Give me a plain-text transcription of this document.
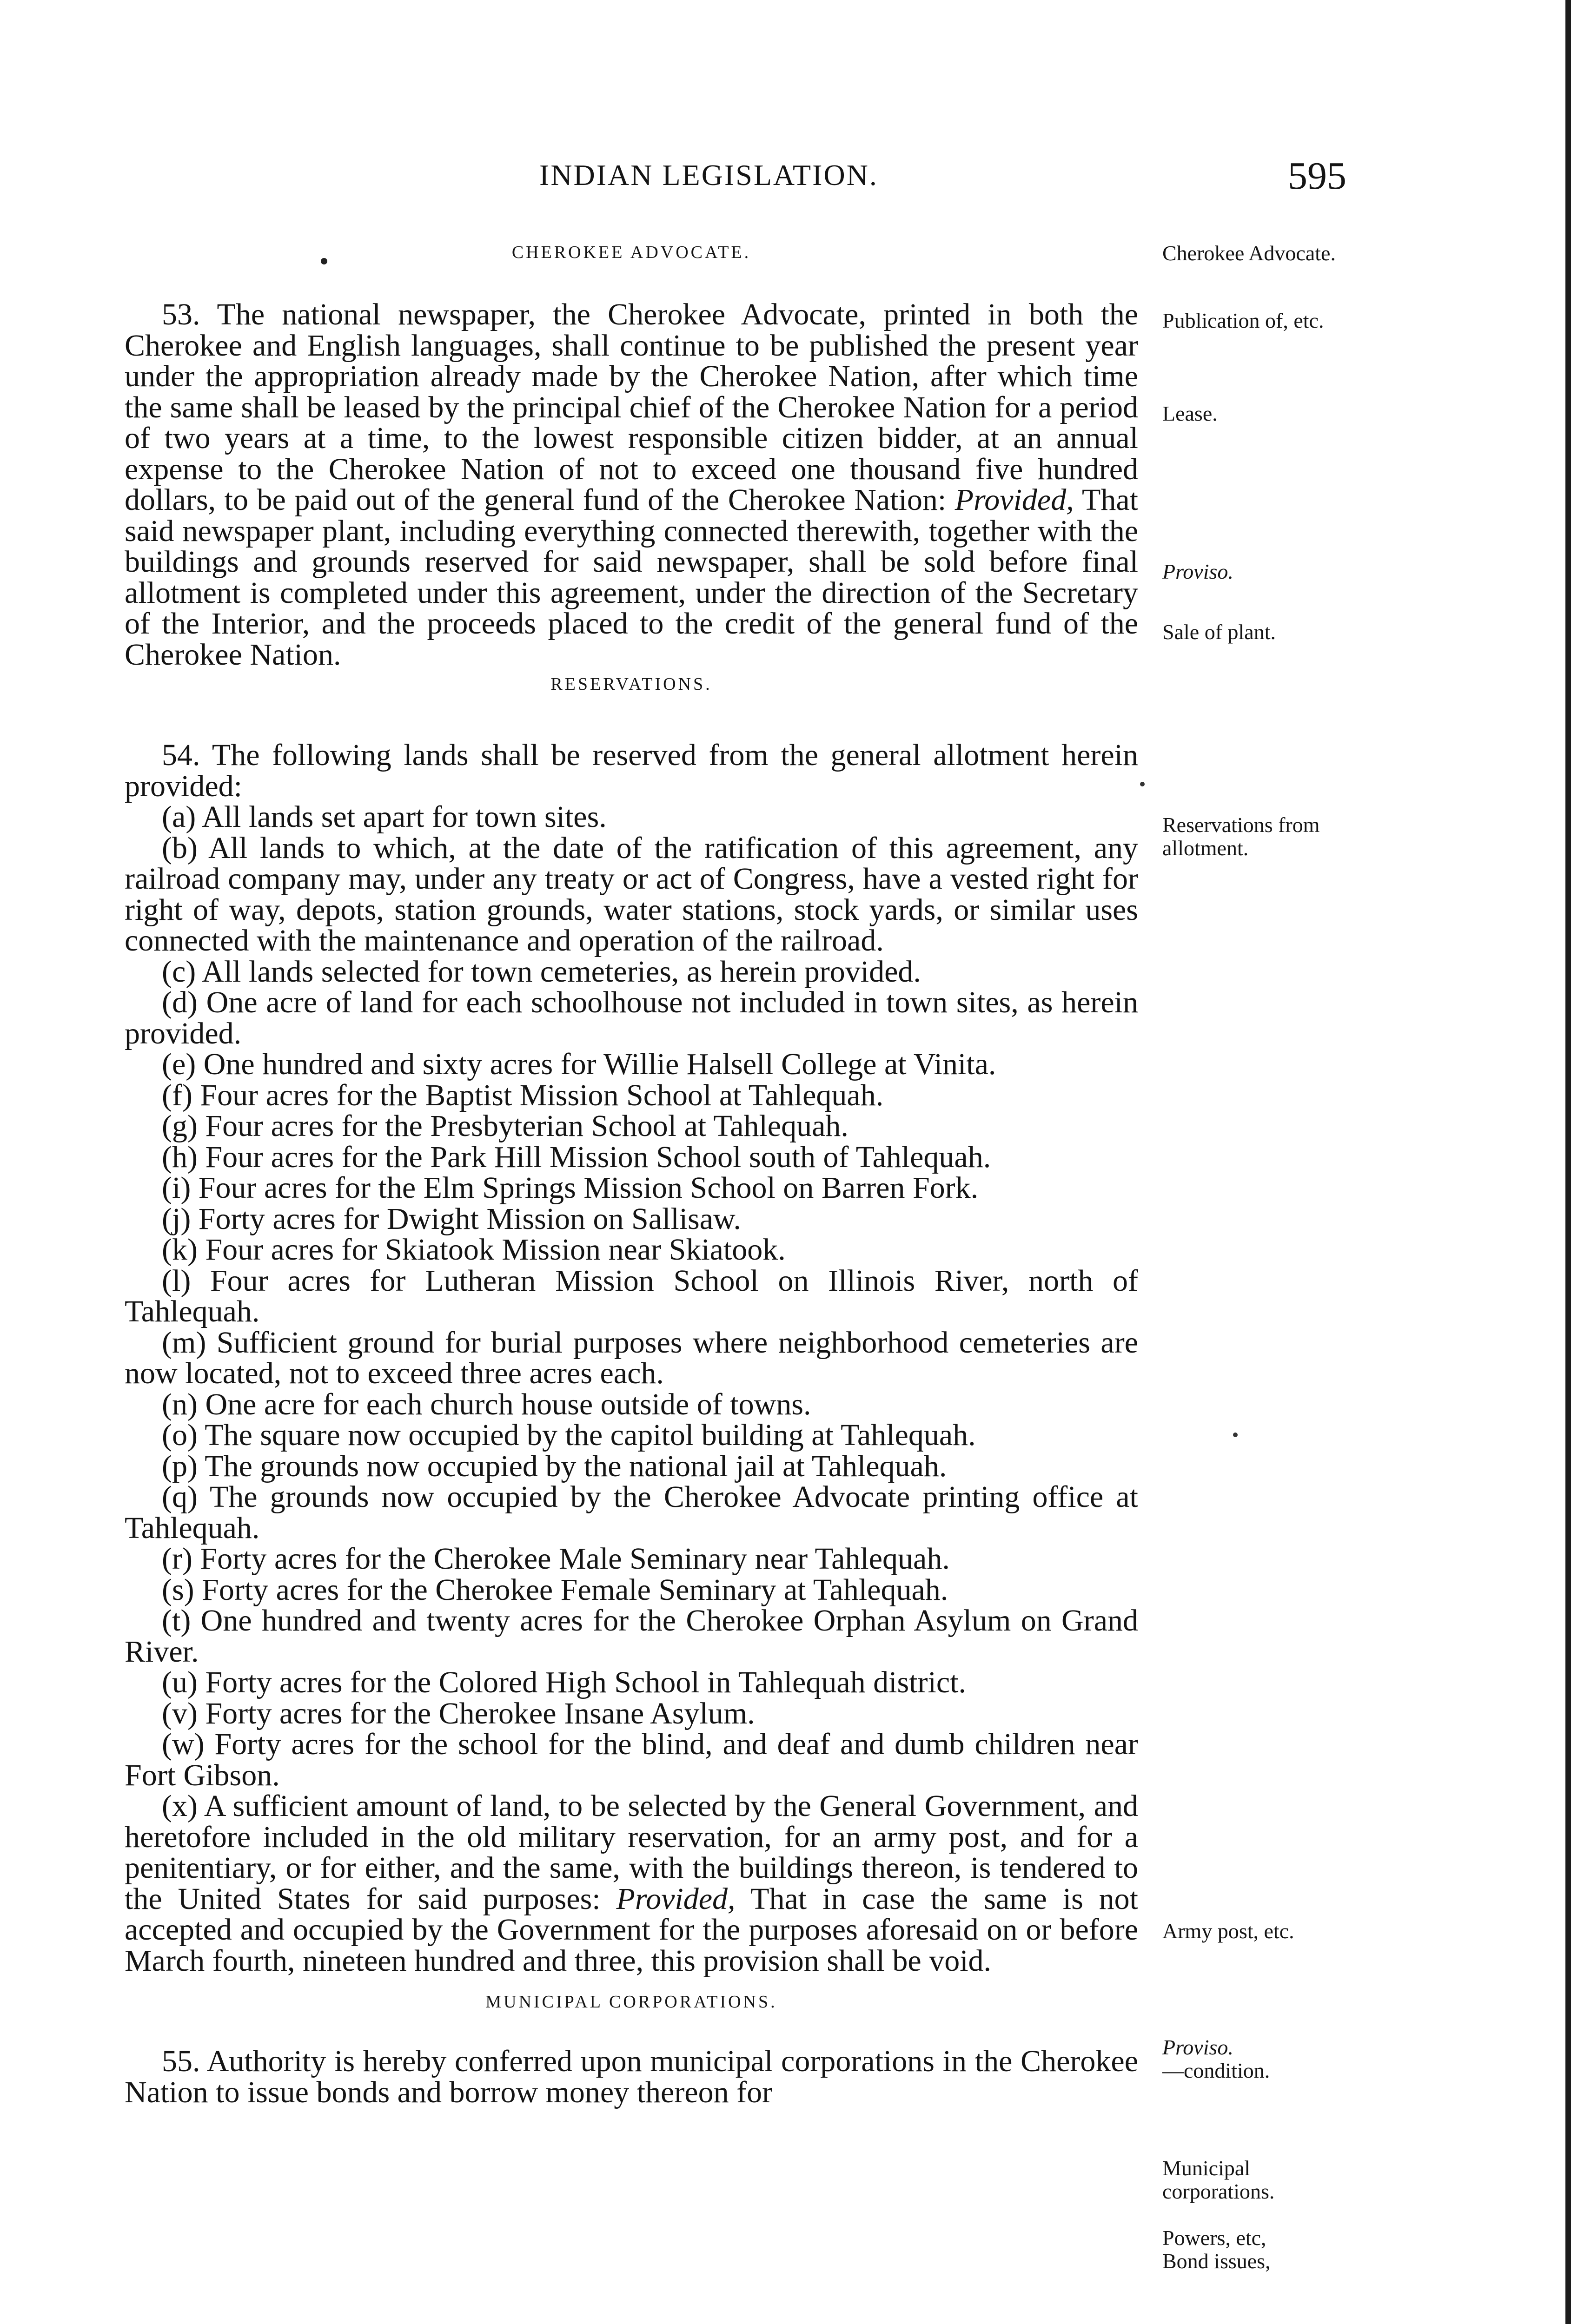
INDIAN LEGISLATION.	595
CHEROKEE ADVOCATE.

53. The national newspaper, the Cherokee Advocate, printed in both the Cherokee and English languages, shall continue to be published the present year under the appropriation already made by the Cherokee Nation, after which time the same shall be leased by the principal chief of the Cherokee Nation for a period of two years at a time, to the lowest responsible citizen bidder, at an annual expense to the Cherokee Nation of not to exceed one thousand five hundred dollars, to be paid out of the general fund of the Cherokee Nation: Provided, That said newspaper plant, including everything connected therewith, together with the buildings and grounds reserved for said newspaper, shall be sold before final allotment is completed under this agreement, under the direction of the Secretary of the Interior, and the proceeds placed to the credit of the general fund of the Cherokee Nation.

RESERVATIONS.

54. The following lands shall be reserved from the general allotment herein provided:

(a) All lands set apart for town sites.

(b) All lands to which, at the date of the ratification of this agreement, any railroad company may, under any treaty or act of Congress, have a vested right for right of way, depots, station grounds, water stations, stock yards, or similar uses connected with the maintenance and operation of the railroad.

(c) All lands selected for town cemeteries, as herein provided.

(d) One acre of land for each schoolhouse not included in town sites, as herein provided.

(e) One hundred and sixty acres for Willie Halsell College at Vinita.

(f) Four acres for the Baptist Mission School at Tahlequah.

(g) Four acres for the Presbyterian School at Tahlequah.

(h) Four acres for the Park Hill Mission School south of Tahlequah.

(i) Four acres for the Elm Springs Mission School on Barren Fork.

(j) Forty acres for Dwight Mission on Sallisaw.

(k) Four acres for Skiatook Mission near Skiatook.

(l) Four acres for Lutheran Mission School on Illinois River, north of Tahlequah.

(m) Sufficient ground for burial purposes where neighborhood cemeteries are now located, not to exceed three acres each.

(n) One acre for each church house outside of towns.

(o) The square now occupied by the capitol building at Tahlequah.

(p) The grounds now occupied by the national jail at Tahlequah.

(q) The grounds now occupied by the Cherokee Advocate printing office at Tahlequah.

(r) Forty acres for the Cherokee Male Seminary near Tahlequah.

(s) Forty acres for the Cherokee Female Seminary at Tahlequah.

(t) One hundred and twenty acres for the Cherokee Orphan Asylum on Grand River.

(u) Forty acres for the Colored High School in Tahlequah district.

(v) Forty acres for the Cherokee Insane Asylum.

(w) Forty acres for the school for the blind, and deaf and dumb children near Fort Gibson.

(x) A sufficient amount of land, to be selected by the General Government, and heretofore included in the old military reservation, for an army post, and for a penitentiary, or for either, and the same, with the buildings thereon, is tendered to the United States for said purposes: Provided, That in case the same is not accepted and occupied by the Government for the purposes aforesaid on or before March fourth, nineteen hundred and three, this provision shall be void.

MUNICIPAL CORPORATIONS.

55. Authority is hereby conferred upon municipal corporations in the Cherokee Nation to issue bonds and borrow money thereon for

Cherokee Advocate.
Publication of, etc.
Lease.
Proviso.
Sale of plant.
Reservations from allotment.
Army post, etc.
Proviso.
—condition.
Municipal corporations.
Powers, etc,
Bond issues,
